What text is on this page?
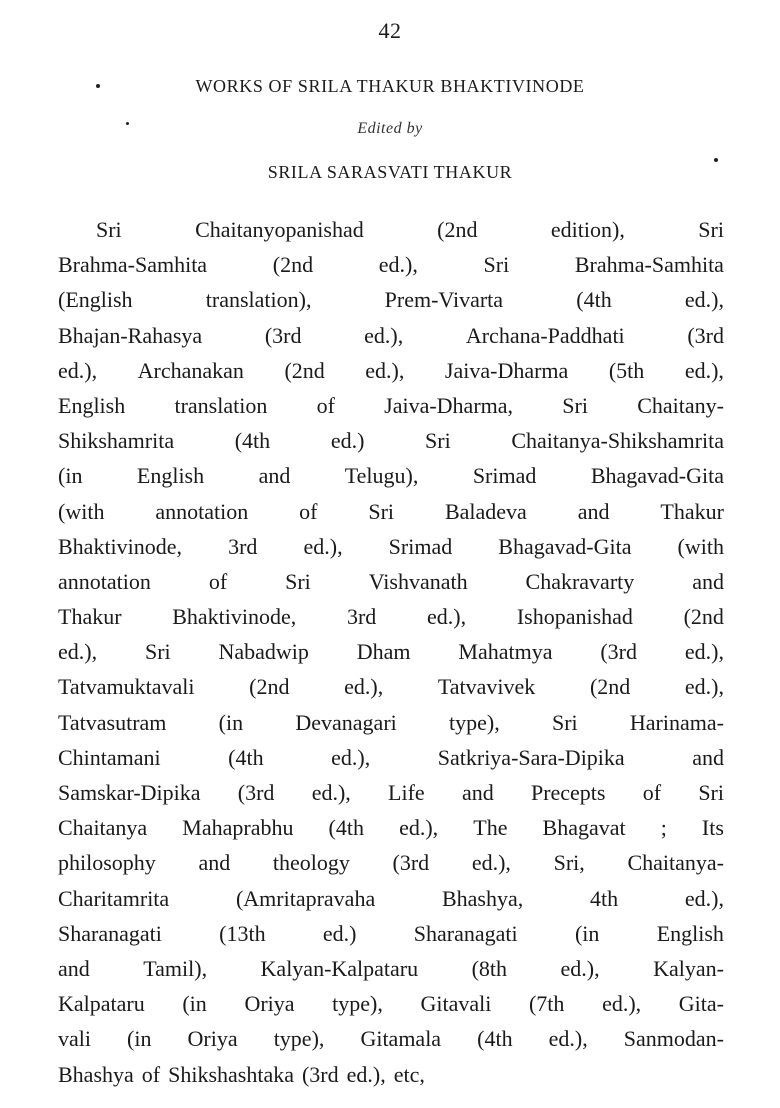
42
WORKS OF SRILA THAKUR BHAKTIVINODE
Edited by
SRILA SARASVATI THAKUR
Sri	Chaitanyopanishad	(2nd	edition),	Sri
Brahma-Samhita	(2nd	ed.),	Sri	Brahma-Samhita
(English	translation),	Prem-Vivarta	(4th	ed.),
Bhajan-Rahasya	(3rd	ed.),	Archana-Paddhati	(3rd
ed.), Archanakan (2nd ed.), Jaiva-Dharma (5th ed.),
English translation of Jaiva-Dharma, Sri Chaitany-
Shikshamrita	(4th	ed.)	Sri	Chaitanya-Shikshamrita
(in English and Telugu), Srimad Bhagavad-Gita
(with annotation of Sri Baladeva and Thakur
Bhaktivinode, 3rd ed.), Srimad Bhagavad-Gita (with
annotation	of	Sri	Vishvanath	Chakravarty	and
Thakur Bhaktivinode, 3rd ed.), Ishopanishad (2nd
ed.), Sri Nabadwip Dham Mahatmya (3rd ed.),
Tatvamuktavali (2nd ed.), Tatvavivek (2nd ed.),
Tatvasutram (in Devanagari type), Sri Harinama-
Chintamani	(4th	ed.),	Satkriya-Sara-Dipika	and
Samskar-Dipika (3rd ed.), Life and Precepts of Sri
Chaitanya Mahaprabhu (4th ed.), The Bhagavat ; Its
philosophy and theology (3rd ed.), Sri, Chaitanya-
Charitamrita	(Amritapravaha	Bhashya,	4th	ed.),
Sharanagati	(13th	ed.)	Sharanagati	(in	English
and Tamil), Kalyan-Kalpataru (8th ed.), Kalyan-
Kalpataru (in Oriya type), Gitavali (7th ed.), Gita-
vali (in Oriya type), Gitamala (4th ed.), Sanmodan-
Bhashya of Shikshashtaka (3rd ed.), etc,
